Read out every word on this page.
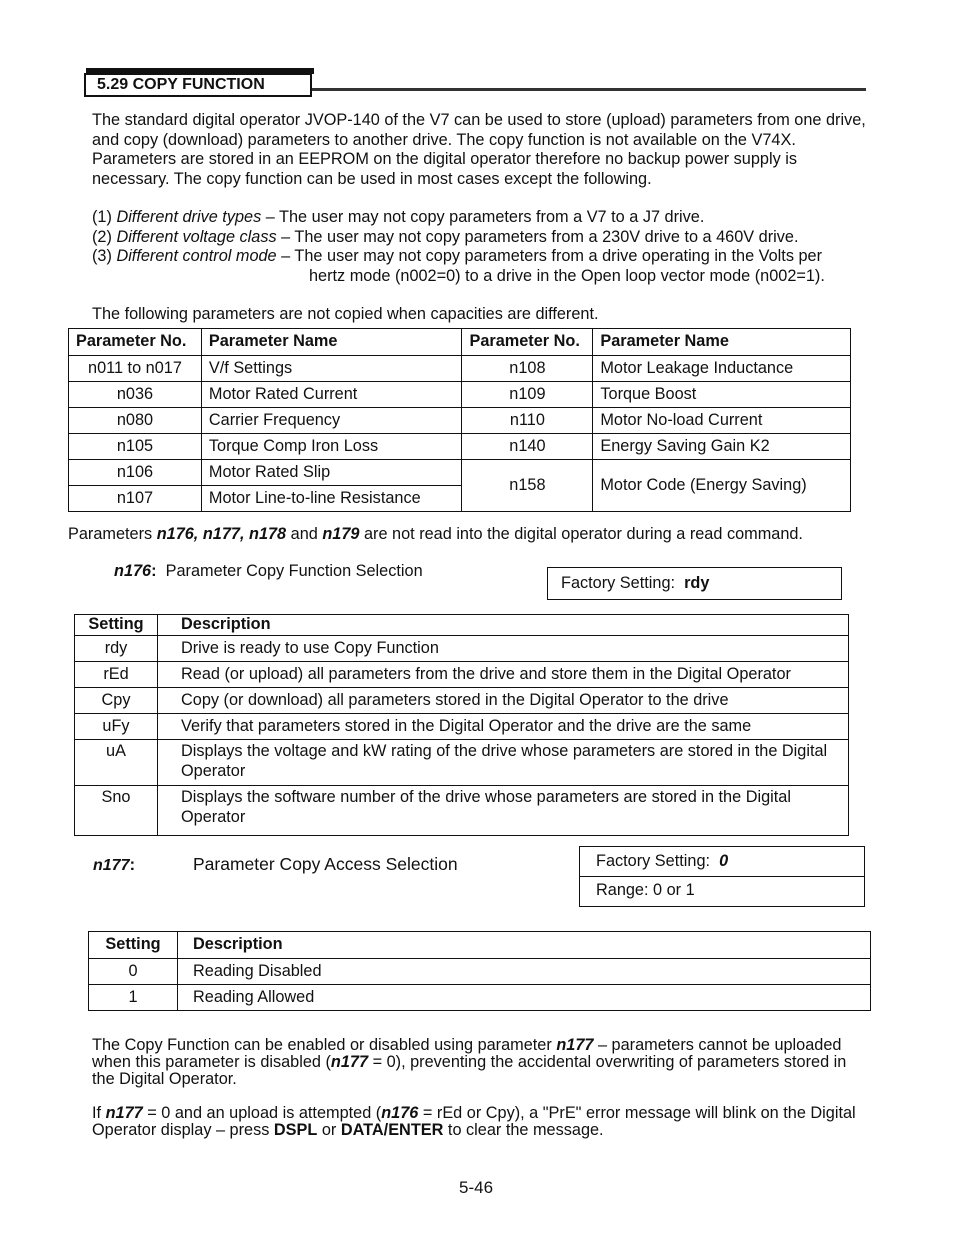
5.29 COPY FUNCTION

The standard digital operator JVOP-140 of the V7 can be used to store (upload) parameters from one drive, and copy (download) parameters to another drive. The copy function is not available on the V74X. Parameters are stored in an EEPROM on the digital operator therefore no backup power supply is necessary. The copy function can be used in most cases except the following.

(1) Different drive types – The user may not copy parameters from a V7 to a J7 drive.
(2) Different voltage class – The user may not copy parameters from a 230V drive to a 460V drive.
(3) Different control mode – The user may not copy parameters from a drive operating in the Volts per
hertz mode (n002=0) to a drive in the Open loop vector mode (n002=1).

The following parameters are not copied when capacities are different.

Parameter No.	Parameter Name	Parameter No.	Parameter Name
n011 to n017	V/f Settings	n108	Motor Leakage Inductance
n036	Motor Rated Current	n109	Torque Boost
n080	Carrier Frequency	n110	Motor No-load Current
n105	Torque Comp Iron Loss	n140	Energy Saving Gain K2
n106	Motor Rated Slip	n158	Motor Code (Energy Saving)
n107	Motor Line-to-line Resistance		

Parameters n176, n177, n178 and n179 are not read into the digital operator during a read command.

n176: Parameter Copy Function Selection
Factory Setting: rdy
Setting	Description
rdy	Drive is ready to use Copy Function
rEd	Read (or upload) all parameters from the drive and store them in the Digital Operator
Cpy	Copy (or download) all parameters stored in the Digital Operator to the drive
uFy	Verify that parameters stored in the Digital Operator and the drive are the same
uA	Displays the voltage and kW rating of the drive whose parameters are stored in the Digital Operator
Sno	Displays the software number of the drive whose parameters are stored in the Digital Operator
n177:	Parameter Copy Access Selection	Factory Setting: 0
Range: 0 or 1
Setting	Description
0	Reading Disabled
1	Reading Allowed

The Copy Function can be enabled or disabled using parameter n177 – parameters cannot be uploaded when this parameter is disabled (n177 = 0), preventing the accidental overwriting of parameters stored in the Digital Operator.

If n177 = 0 and an upload is attempted (n176 = rEd or Cpy), a "PrE" error message will blink on the Digital Operator display – press DSPL or DATA/ENTER to clear the message.

5-46
